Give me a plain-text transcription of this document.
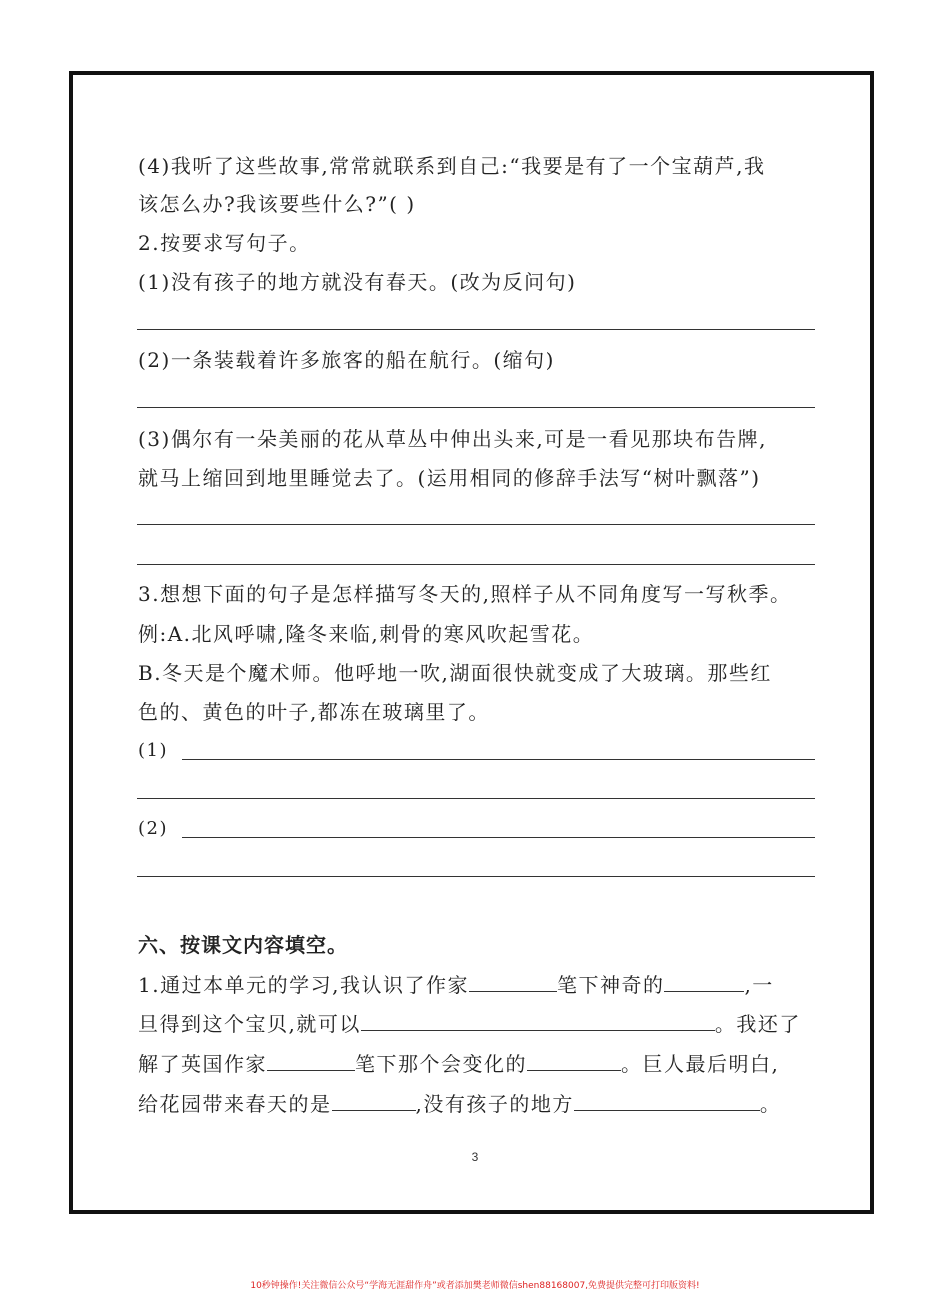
(4)我听了这些故事,常常就联系到自己:“我要是有了一个宝葫芦,我
该怎么办?我该要些什么?”( )
2.按要求写句子。
(1)没有孩子的地方就没有春天。(改为反问句)
(2)一条装载着许多旅客的船在航行。(缩句)
(3)偶尔有一朵美丽的花从草丛中伸出头来,可是一看见那块布告牌,
就马上缩回到地里睡觉去了。(运用相同的修辞手法写“树叶飘落”)
3.想想下面的句子是怎样描写冬天的,照样子从不同角度写一写秋季。
例:A.北风呼啸,隆冬来临,刺骨的寒风吹起雪花。
B.冬天是个魔术师。他呼地一吹,湖面很快就变成了大玻璃。那些红
色的、黄色的叶子,都冻在玻璃里了。
(1)
(2)
六、按课文内容填空。
1.通过本单元的学习,我认识了作家	笔下神奇的	,一
旦得到这个宝贝,就可以	。我还了
解了英国作家	笔下那个会变化的	。巨人最后明白,
给花园带来春天的是	,没有孩子的地方	。
3
10秒钟操作!关注微信公众号“学海无涯甜作舟”或者添加樊老师微信shen88168007,免费提供完整可打印版资料!
